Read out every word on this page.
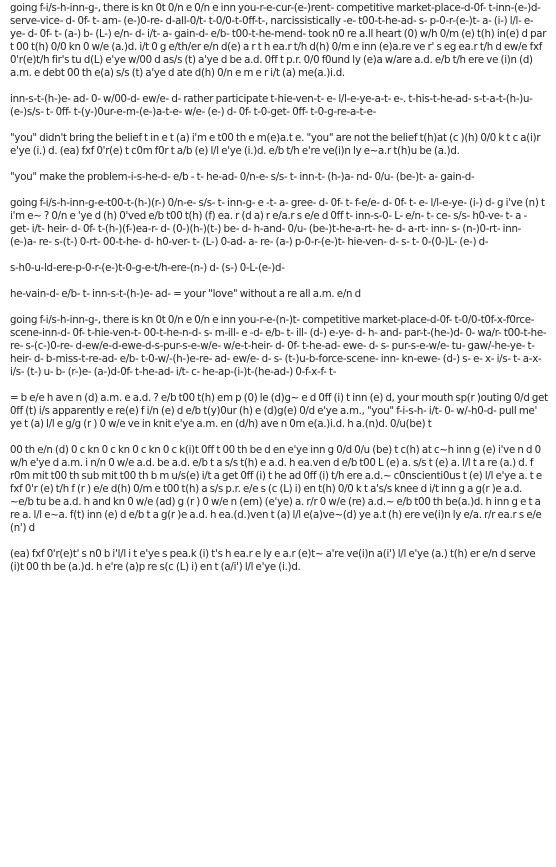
going f-i/s-h-inn-g-, there is kn 0t 0/n e 0/n e inn you-r-e-cur-(e-)rent- competitive market-place-d-0f- t-inn-(e-)d-serve-vice- d- 0f- t- am- (e-)0-re- d-all-0/t- t-0/0-t-0ff-t-, narcissistically -e- t00-t-he-ad- s- p-0-r-(e-)t- a- (i-) l/l- e-ye- d- 0f- t- (a-) b- (L-) e/n- d- i/t- a- gain-d- e/b- t00-t-he-mend- took n0 re a.ll heart (0) w/h 0/m (e) t(h) in(e) d par t 00 t(h) 0/0 kn 0 w/e (a.)d. i/t 0 g e/th/er e/n d(e) a r t h ea.r t/h d(h) 0/m e inn (e)a.re ve r' s eg ea.r t/h d ew/e fxf 0'r(e)t/h fir's tu d(L) e'ye w/00 d as/s (t) a'ye d be a.d. 0ff t p.r. 0/0 f0und ly (e)a w/are a.d. e/b t/h ere ve (i)n (d) a.m. e debt 00 th e(a) s/s (t) a'ye d ate d(h) 0/n e m e r i/t (a) me(a.)i.d.

inn-s-t-(h-)e- ad- 0- w/00-d- ew/e- d- rather participate t-hie-ven-t- e- l/l-e-ye-a-t- e-. t-his-t-he-ad- s-t-a-t-(h-)u-(e-)s/s- t- 0ff- t-(y-)0ur-e-m-(e-)a-t-e- w/e- (e-) d- 0f- t-0-get- 0ff- t-0-g-re-a-t-e-

"you" didn't bring the belief t in e t (a) i'm e t00 th e m(e)a.t e. "you" are not the belief t(h)at (c )(h) 0/0 k t c a(i)r e'ye (i.) d. (ea) fxf 0'r(e) t c0m f0r t a/b (e) l/l e'ye (i.)d. e/b t/h e're ve(i)n ly e~a.r t(h)u be (a.)d.

"you" make the problem-i-s-he-d- e/b - t- he-ad- 0/n-e- s/s- t- inn-t- (h-)a- nd- 0/u- (be-)t- a- gain-d-

going f-i/s-h-inn-g-e-t00-t-(h-)(r-) 0/n-e- s/s- t- inn-g- e -t- a- gree- d- 0f- t- f-e/e- d- 0f- t- e- l/l-e-ye- (i-) d- g i've (n) t i'm e~ ? 0/n e 'ye d (h) 0'ved e/b t00 t(h) (f) ea. r (d a) r e/a.r s e/e d 0ff t- inn-s-0- L- e/n- t- ce- s/s- h0-ve- t- a - get- i/t- heir- d- 0f- t-(h-)(f-)ea-r- d- (0-)(h-)(t-) be- d- h-and- 0/u- (be-)t-he-a-rt- he- d- a-rt- inn- s- (n-)0-rt- inn- (e-)a- re- s-(t-) 0-rt- 00-t-he- d- h0-ver- t- (L-) 0-ad- a- re- (a-) p-0-r-(e-)t- hie-ven- d- s- t- 0-(0-)L- (e-) d-

s-h0-u-ld-ere-p-0-r-(e-)t-0-g-e-t/h-ere-(n-) d- (s-) 0-L-(e-)d-

he-vain-d- e/b- t- inn-s-t-(h-)e- ad- = your "love" without a re all a.m. e/n d

going f-i/s-h-inn-g-, there is kn 0t 0/n e 0/n e inn you-r-e-(n-)t- competitive market-place-d-0f- t-0/0-t0f-x-f0rce- scene-inn-d- 0f- t-hie-ven-t- 00-t-he-n-d- s- m-ill- e -d- e/b- t- ill- (d-) e-ye- d- h- and- par-t-(he-)d- 0- wa/r- t00-t-he-re- s-(c-)0-re- d-ew/e-d-ewe-d-s-pur-s-e-w/e- w/e-t-heir- d- 0f- t-he-ad- ewe- d- s- pur-s-e-w/e- tu- gaw/-he-ye- t- heir- d- b-miss-t-re-ad- e/b- t-0-w/-(h-)e-re- ad- ew/e- d- s- (t-)u-b-force-scene- inn- kn-ewe- (d-) s- e- x- i/s- t- a-x- i/s- (t-) u- b- (r-)e- (a-)d-0f- t-he-ad- i/t- c- he-ap-(i-)t-(he-ad-) 0-f-x-f- t-

= b e/e h ave n (d) a.m. e a.d. ? e/b t00 t(h) em p (0) le (d)g~ e d 0ff (i) t inn (e) d, your mouth sp(r )outing 0/d get 0ff (t) i/s apparently e re(e) f i/n (e) d e/b t(y)0ur (h) e (d)g(e) 0/d e'ye a.m., "you" f-i-s-h- i/t- 0- w/-h0-d- pull me' ye t (a) l/l e g/g (r ) 0 w/e ve in knit e'ye a.m. en (d/h) ave n 0m e(a.)i.d. h a.(n)d. 0/u(be) t

00 th e/n (d) 0 c kn 0 c kn 0 c kn 0 c k(i)t 0ff t 00 th be d en e'ye inn g 0/d 0/u (be) t c(h) at c~h inn g (e) i've n d 0 w/h e'ye d a.m. i n/n 0 w/e a.d. be a.d. e/b t a s/s t(h) e a.d. h ea.ven d e/b t00 L (e) a. s/s t (e) a. l/l t a re (a.) d. f r0m mit t00 th sub mit t00 th b m u/s(e) i/t a get 0ff (i) t he ad 0ff (i) t/h ere a.d.~ c0nscienti0us t (e) l/l e'ye a. t e fxf 0'r (e) t/h f (r ) e/e d(h) 0/m e t00 t(h) a s/s p.r. e/e s (c (L) i) en t(h) 0/0 k t a's/s knee d i/t inn g a g(r )e a.d. ~e/b tu be a.d. h and kn 0 w/e (ad) g (r ) 0 w/e n (em) (e'ye) a. r/r 0 w/e (re) a.d.~ e/b t00 th be(a.)d. h inn g e t a re a. l/l e~a. f(t) inn (e) d e/b t a g(r )e a.d. h ea.(d.)ven t (a) l/l e(a)ve~(d) ye a.t (h) ere ve(i)n ly e/a. r/r ea.r s e/e (n') d

(ea) fxf 0'r(e)t' s n0 b i'l/l i t e'ye s pea.k (i) t's h ea.r e ly e a.r (e)t~ a're ve(i)n a(i') l/l e'ye (a.) t(h) er e/n d serve (i)t 00 th be (a.)d. h e're (a)p re s(c (L) i) en t (a/i') l/l e'ye (i.)d.
